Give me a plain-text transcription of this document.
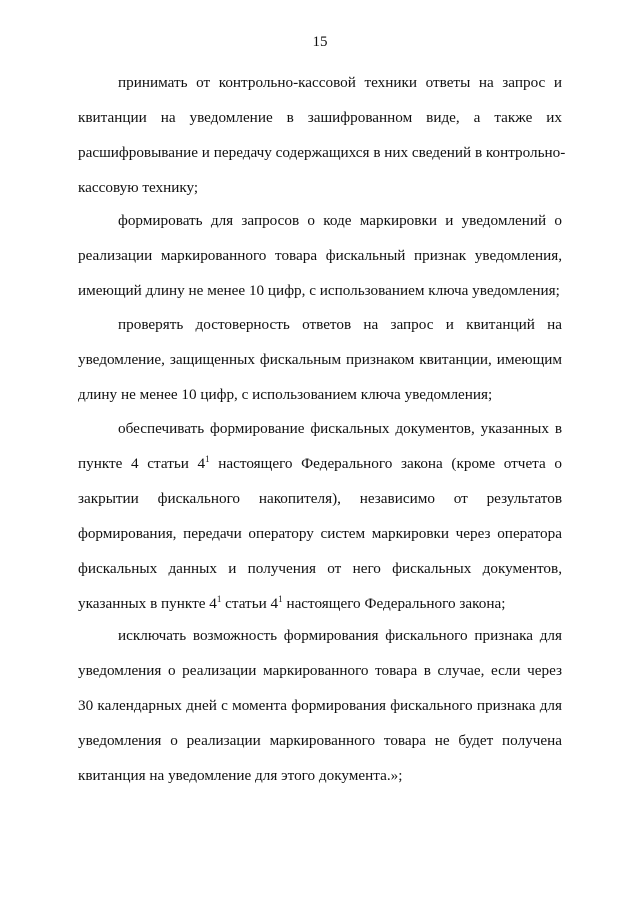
15
принимать от контрольно-кассовой техники ответы на запрос и
квитанции на уведомление в зашифрованном виде, а также их
расшифровывание и передачу содержащихся в них сведений в контрольно-
кассовую технику;
формировать для запросов о коде маркировки и уведомлений о
реализации маркированного товара фискальный признак уведомления,
имеющий длину не менее 10 цифр, с использованием ключа уведомления;
проверять достоверность ответов на запрос и квитанций на
уведомление, защищенных фискальным признаком квитанции, имеющим
длину не менее 10 цифр, с использованием ключа уведомления;
обеспечивать формирование фискальных документов, указанных в
пункте 4 статьи $4^1$ настоящего Федерального закона (кроме отчета о
закрытии фискального накопителя), независимо от результатов
формирования, передачи оператору систем маркировки через оператора
фискальных данных и получения от него фискальных документов,
указанных в пункте $4^1$ статьи $4^1$ настоящего Федерального закона;
исключать возможность формирования фискального признака для
уведомления о реализации маркированного товара в случае, если через
30 календарных дней с момента формирования фискального признака для
уведомления о реализации маркированного товара не будет получена
квитанция на уведомление для этого документа.»;
